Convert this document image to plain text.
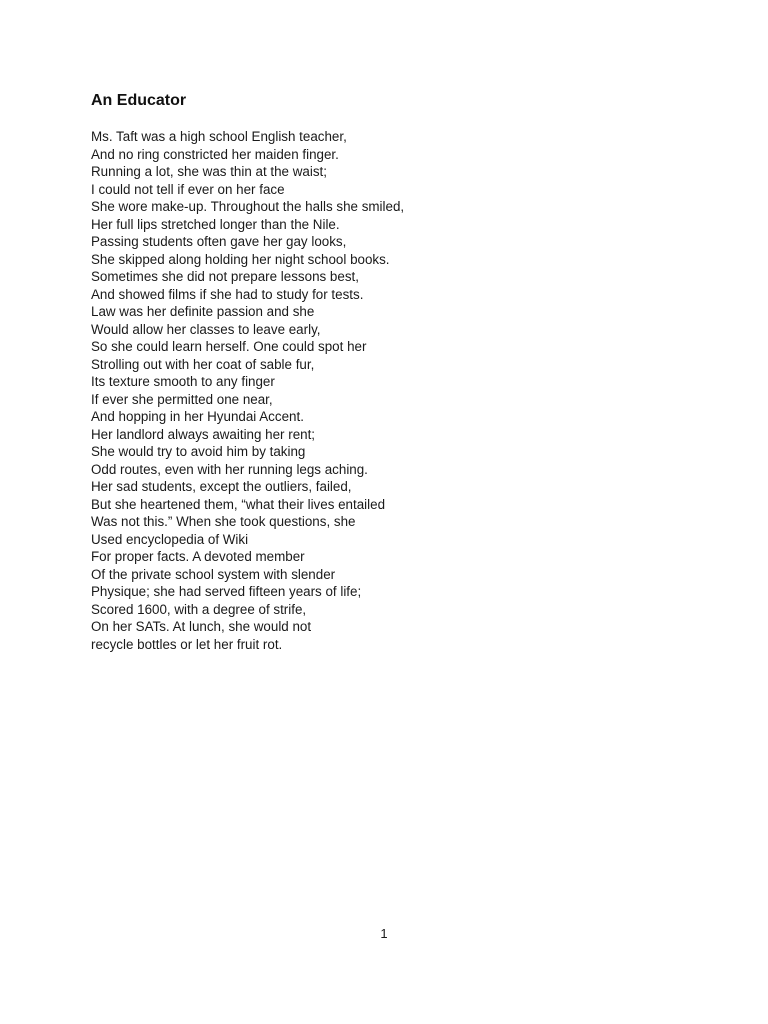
An Educator
Ms. Taft was a high school English teacher,
And no ring constricted her maiden finger.
Running a lot, she was thin at the waist;
I could not tell if ever on her face
She wore make-up. Throughout the halls she smiled,
Her full lips stretched longer than the Nile.
Passing students often gave her gay looks,
She skipped along holding her night school books.
Sometimes she did not prepare lessons best,
And showed films if she had to study for tests.
Law was her definite passion and she
Would allow her classes to leave early,
So she could learn herself. One could spot her
Strolling out with her coat of sable fur,
Its texture smooth to any finger
If ever she permitted one near,
And hopping in her Hyundai Accent.
Her landlord always awaiting her rent;
She would try to avoid him by taking
Odd routes, even with her running legs aching.
Her sad students, except the outliers, failed,
But she heartened them, “what their lives entailed
Was not this.” When she took questions, she
Used encyclopedia of Wiki
For proper facts. A devoted member
Of the private school system with slender
Physique; she had served fifteen years of life;
Scored 1600, with a degree of strife,
On her SATs. At lunch, she would not
recycle bottles or let her fruit rot.
1
